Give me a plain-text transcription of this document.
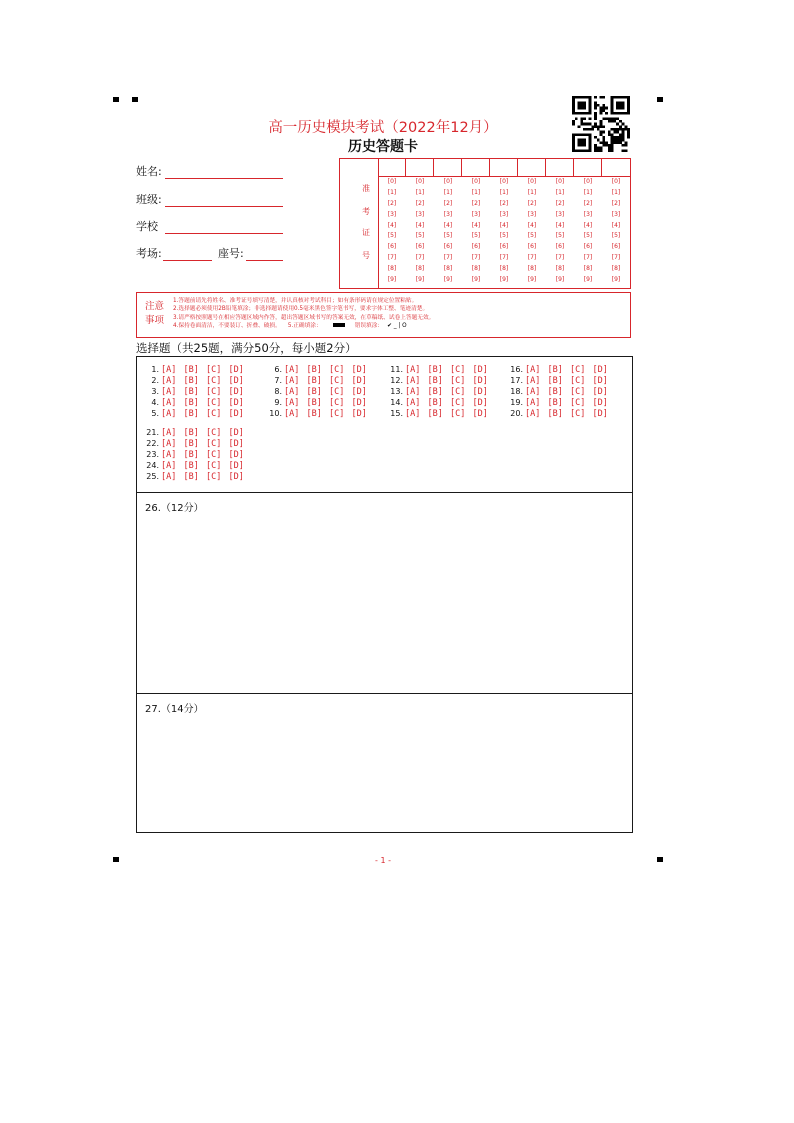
高一历史模块考试（2022年12月）
历史答题卡
姓名:
班级:
学校
考场:	座号:
准
考
证
号
[0]
[1]
[2]
[3]
[4]
[5]
[6]
[7]
[8]
[9]
[0]
[1]
[2]
[3]
[4]
[5]
[6]
[7]
[8]
[9]
[0]
[1]
[2]
[3]
[4]
[5]
[6]
[7]
[8]
[9]
[0]
[1]
[2]
[3]
[4]
[5]
[6]
[7]
[8]
[9]
[0]
[1]
[2]
[3]
[4]
[5]
[6]
[7]
[8]
[9]
[0]
[1]
[2]
[3]
[4]
[5]
[6]
[7]
[8]
[9]
[0]
[1]
[2]
[3]
[4]
[5]
[6]
[7]
[8]
[9]
[0]
[1]
[2]
[3]
[4]
[5]
[6]
[7]
[8]
[9]
[0]
[1]
[2]
[3]
[4]
[5]
[6]
[7]
[8]
[9]
注意
事项
1.答题前请先将姓名、准考证号填写清楚，并认真核对考试科目；如有条形码请在规定位置粘贴。
2.选择题必须使用2B铅笔填涂；非选择题请使用0.5毫米黑色签字笔书写，要求字体工整、笔迹清楚。
3.请严格按照题号在相应答题区域内作答，超出答题区域书写的答案无效，在草稿纸、试卷上答题无效。
4.保持卷面清洁，不要装订、折叠、破损。 5.正确填涂：	错误填涂： ✔ _ | O
选择题（共25题，满分50分，每小题2分）
1. [A] [B] [C] [D]
2. [A] [B] [C] [D]
3. [A] [B] [C] [D]
4. [A] [B] [C] [D]
5. [A] [B] [C] [D]
6. [A] [B] [C] [D]
7. [A] [B] [C] [D]
8. [A] [B] [C] [D]
9. [A] [B] [C] [D]
10. [A] [B] [C] [D]
11. [A] [B] [C] [D]
12. [A] [B] [C] [D]
13. [A] [B] [C] [D]
14. [A] [B] [C] [D]
15. [A] [B] [C] [D]
16. [A] [B] [C] [D]
17. [A] [B] [C] [D]
18. [A] [B] [C] [D]
19. [A] [B] [C] [D]
20. [A] [B] [C] [D]
21. [A] [B] [C] [D]
22. [A] [B] [C] [D]
23. [A] [B] [C] [D]
24. [A] [B] [C] [D]
25. [A] [B] [C] [D]
26.（12分）
27.（14分）
- 1 -
